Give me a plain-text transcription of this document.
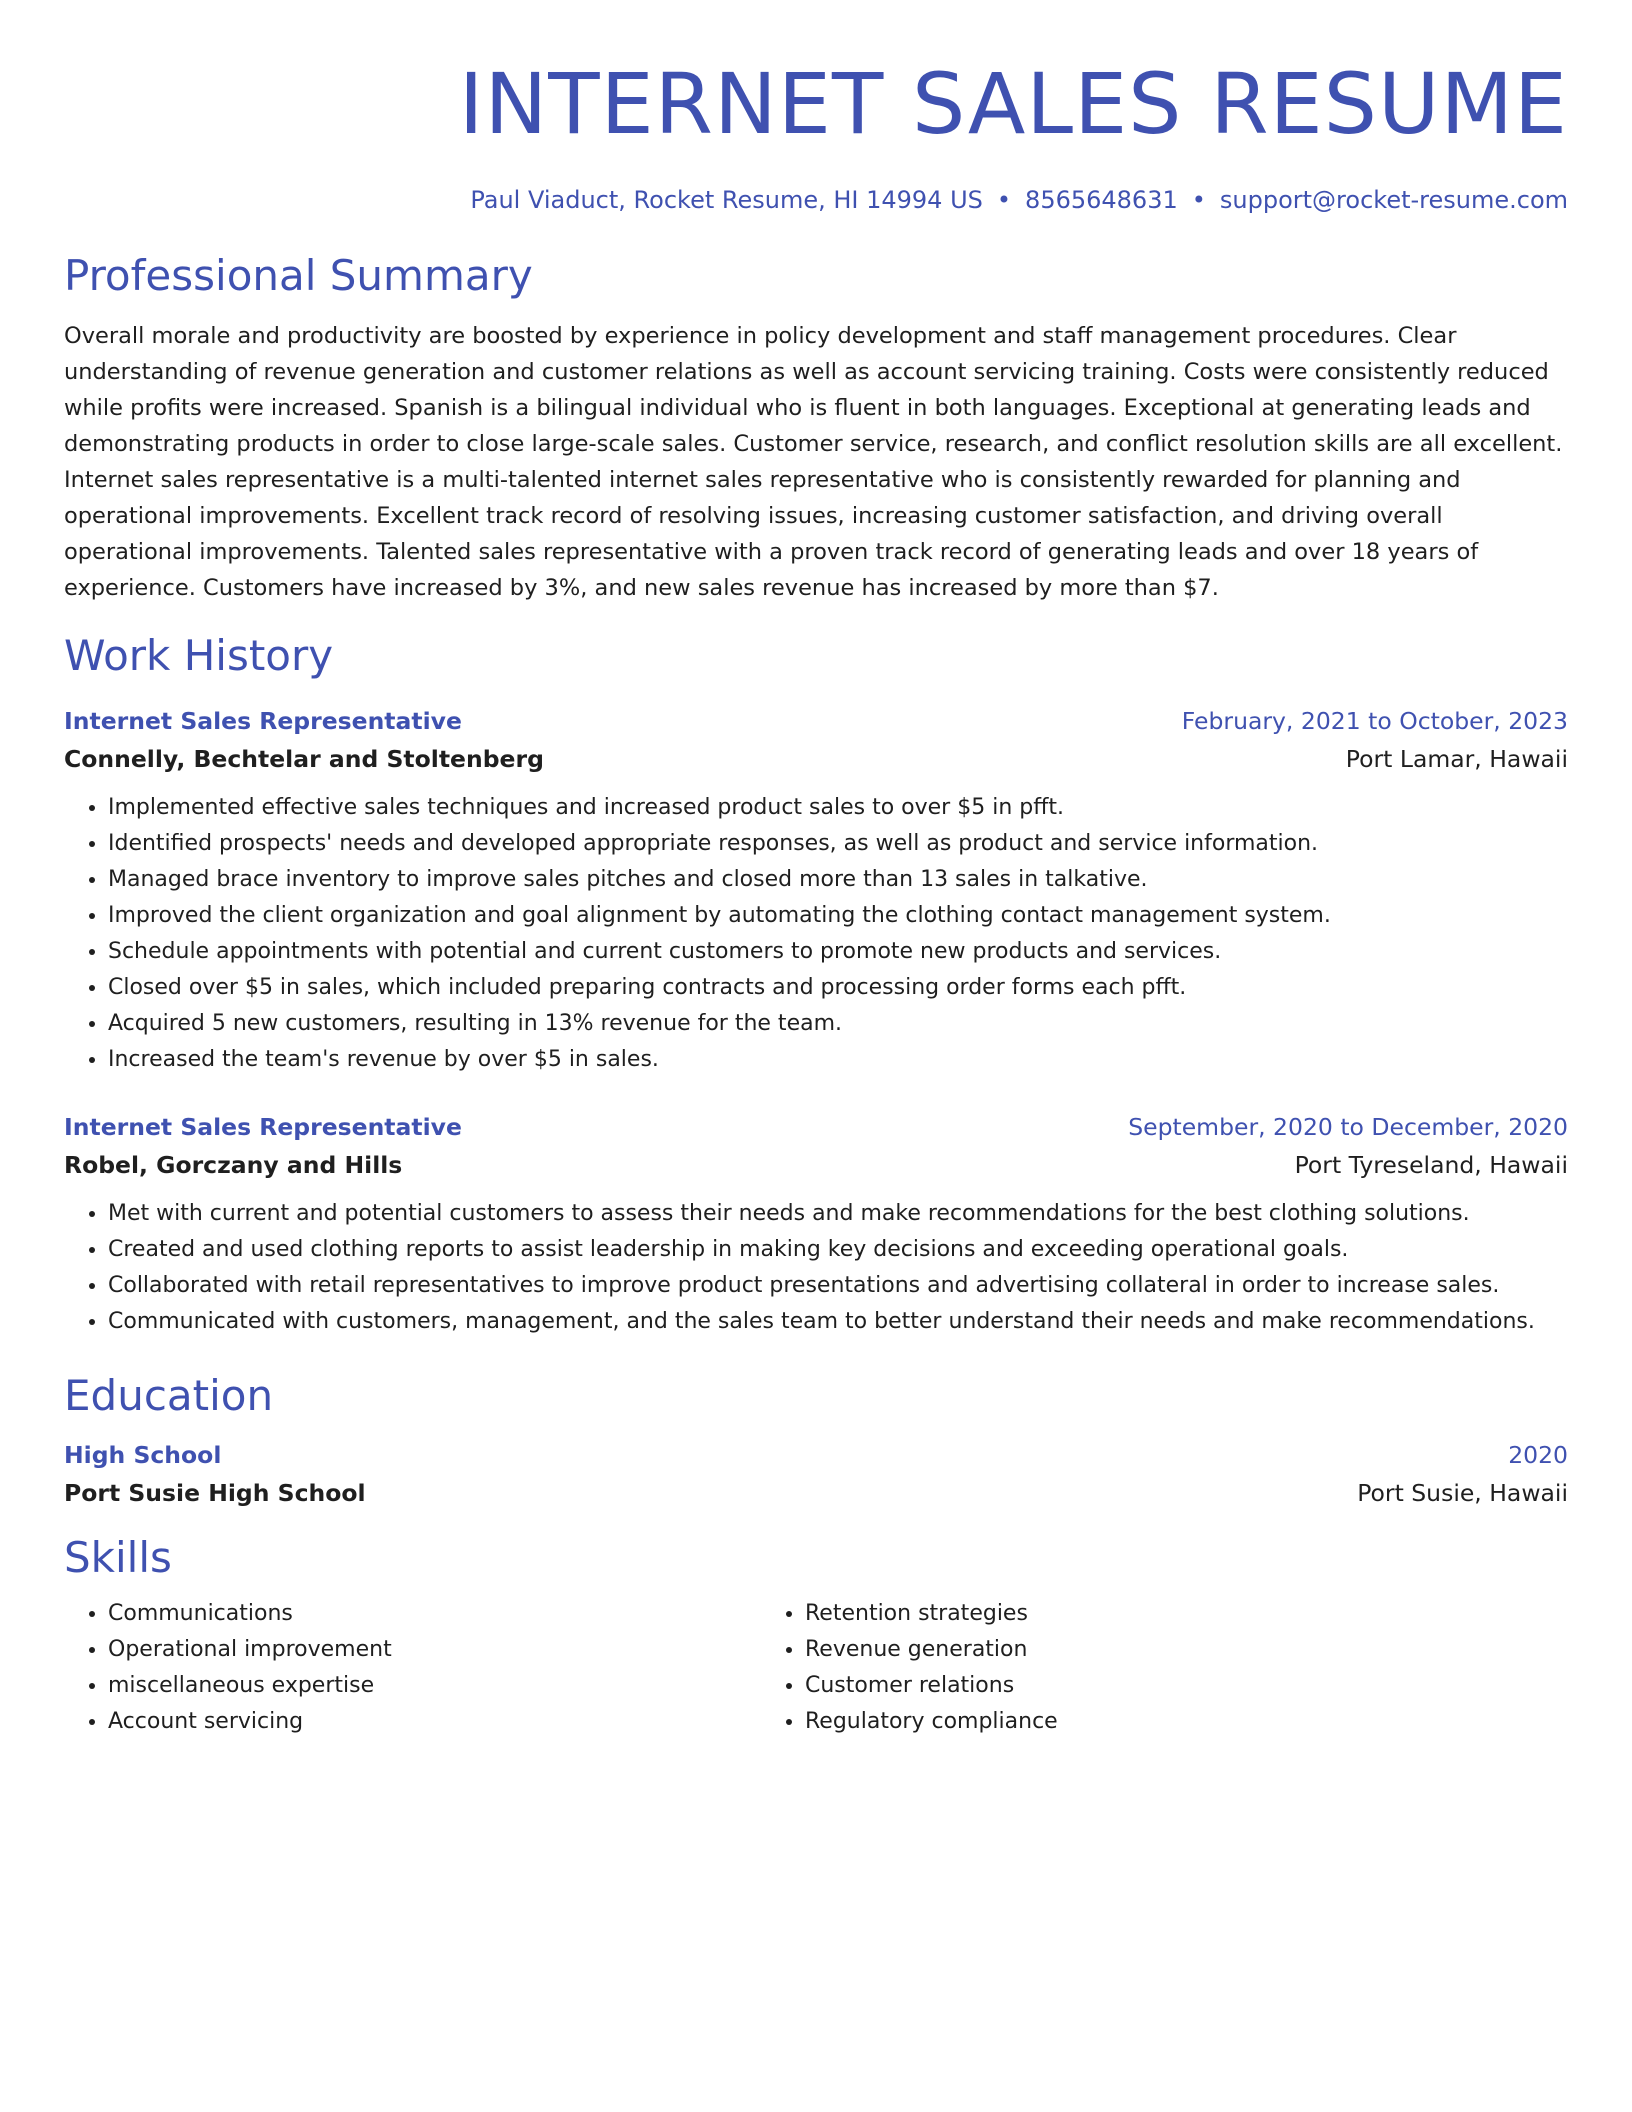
INTERNET SALES RESUME
Paul Viaduct, Rocket Resume, HI 14994 US • 8565648631 • support@rocket-resume.com
Professional Summary
Overall morale and productivity are boosted by experience in policy development and staff management procedures. Clear understanding of revenue generation and customer relations as well as account servicing training. Costs were consistently reduced while profits were increased. Spanish is a bilingual individual who is fluent in both languages. Exceptional at generating leads and demonstrating products in order to close large-scale sales. Customer service, research, and conflict resolution skills are all excellent. Internet sales representative is a multi-talented internet sales representative who is consistently rewarded for planning and operational improvements. Excellent track record of resolving issues, increasing customer satisfaction, and driving overall operational improvements. Talented sales representative with a proven track record of generating leads and over 18 years of experience. Customers have increased by 3%, and new sales revenue has increased by more than $7.
Work History
Internet Sales Representative	February, 2021 to October, 2023
Connelly, Bechtelar and Stoltenberg	Port Lamar, Hawaii
• Implemented effective sales techniques and increased product sales to over $5 in pfft.
• Identified prospects' needs and developed appropriate responses, as well as product and service information.
• Managed brace inventory to improve sales pitches and closed more than 13 sales in talkative.
• Improved the client organization and goal alignment by automating the clothing contact management system.
• Schedule appointments with potential and current customers to promote new products and services.
• Closed over $5 in sales, which included preparing contracts and processing order forms each pfft.
• Acquired 5 new customers, resulting in 13% revenue for the team.
• Increased the team's revenue by over $5 in sales.
Internet Sales Representative	September, 2020 to December, 2020
Robel, Gorczany and Hills	Port Tyreseland, Hawaii
• Met with current and potential customers to assess their needs and make recommendations for the best clothing solutions.
• Created and used clothing reports to assist leadership in making key decisions and exceeding operational goals.
• Collaborated with retail representatives to improve product presentations and advertising collateral in order to increase sales.
• Communicated with customers, management, and the sales team to better understand their needs and make recommendations.
Education
High School	2020
Port Susie High School	Port Susie, Hawaii
Skills
• Communications
• Operational improvement
• miscellaneous expertise
• Account servicing
• Retention strategies
• Revenue generation
• Customer relations
• Regulatory compliance
